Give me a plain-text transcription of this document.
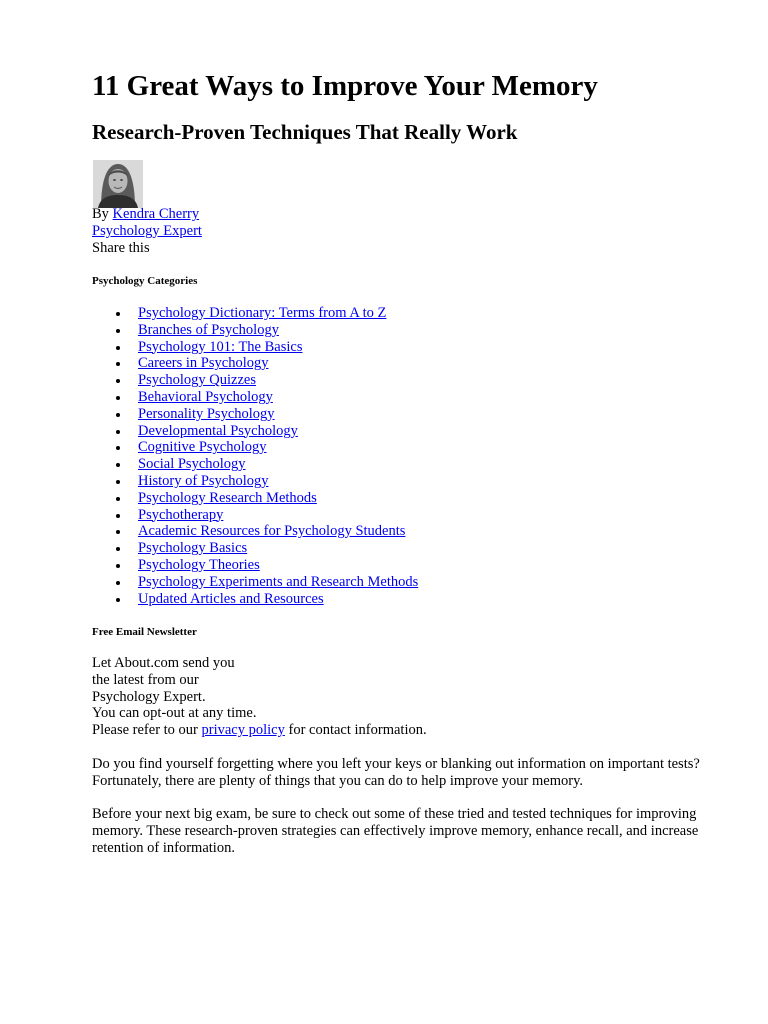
11 Great Ways to Improve Your Memory
Research-Proven Techniques That Really Work
By Kendra Cherry
Psychology Expert
Share this
Psychology Categories
Psychology Dictionary: Terms from A to Z
Branches of Psychology
Psychology 101: The Basics
Careers in Psychology
Psychology Quizzes
Behavioral Psychology
Personality Psychology
Developmental Psychology
Cognitive Psychology
Social Psychology
History of Psychology
Psychology Research Methods
Psychotherapy
Academic Resources for Psychology Students
Psychology Basics
Psychology Theories
Psychology Experiments and Research Methods
Updated Articles and Resources
Free Email Newsletter
Let About.com send you
the latest from our
Psychology Expert.
You can opt-out at any time.
Please refer to our privacy policy for contact information.

Do you find yourself forgetting where you left your keys or blanking out information on important tests? Fortunately, there are plenty of things that you can do to help improve your memory.

Before your next big exam, be sure to check out some of these tried and tested techniques for improving memory. These research-proven strategies can effectively improve memory, enhance recall, and increase retention of information.
